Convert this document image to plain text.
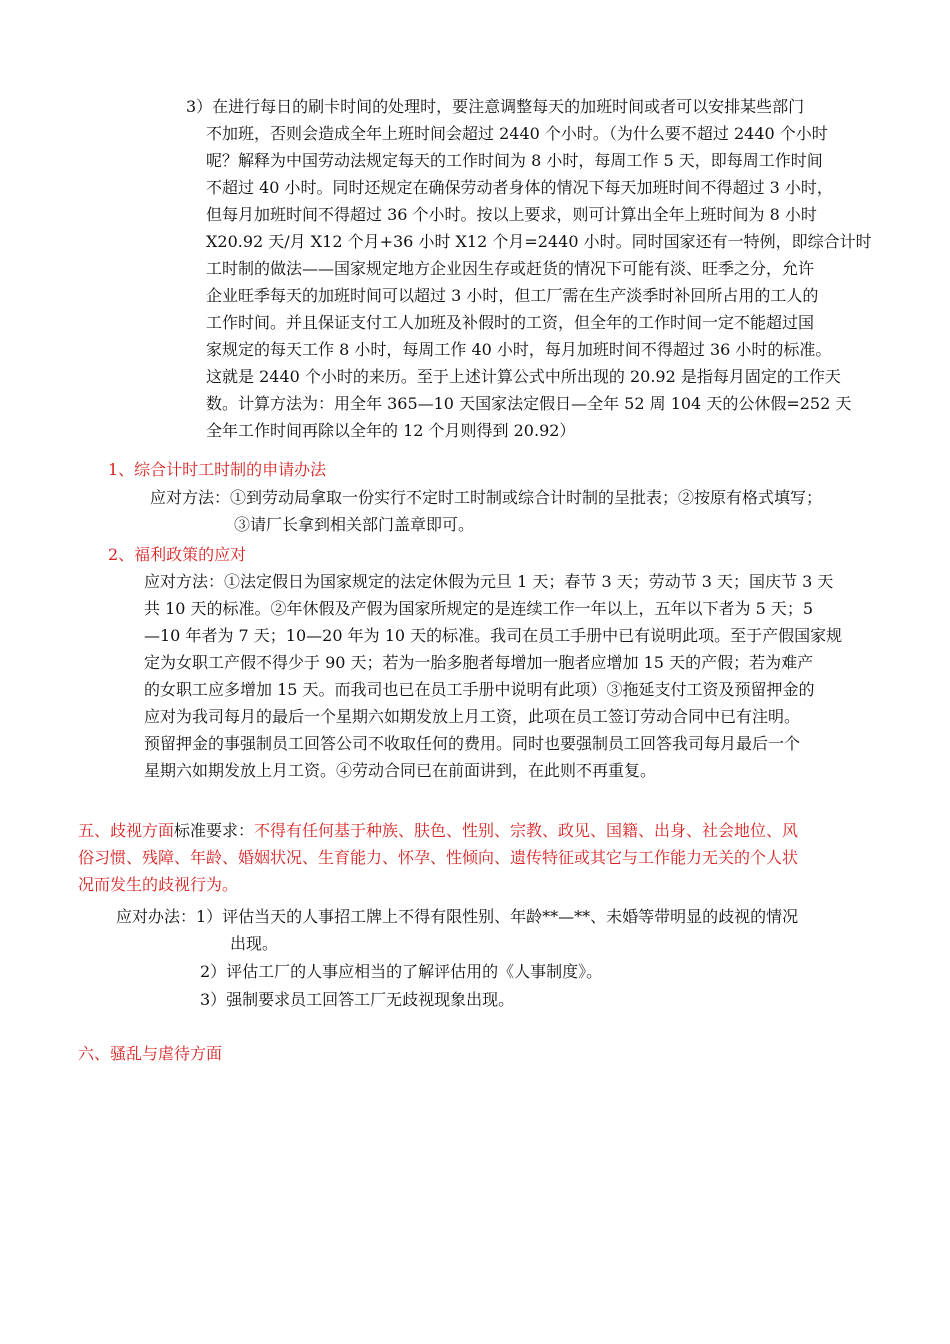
3）在进行每日的刷卡时间的处理时，要注意调整每天的加班时间或者可以安排某些部门
不加班，否则会造成全年上班时间会超过 2440 个小时。（为什么要不超过 2440 个小时
呢？解释为中国劳动法规定每天的工作时间为 8 小时，每周工作 5 天，即每周工作时间
不超过 40 小时。同时还规定在确保劳动者身体的情况下每天加班时间不得超过 3 小时，
但每月加班时间不得超过 36 个小时。按以上要求，则可计算出全年上班时间为 8 小时
X20.92 天/月 X12 个月+36 小时 X12 个月=2440 小时。同时国家还有一特例，即综合计时
工时制的做法——国家规定地方企业因生存或赶货的情况下可能有淡、旺季之分，允许
企业旺季每天的加班时间可以超过 3 小时，但工厂需在生产淡季时补回所占用的工人的
工作时间。并且保证支付工人加班及补假时的工资，但全年的工作时间一定不能超过国
家规定的每天工作 8 小时，每周工作 40 小时，每月加班时间不得超过 36 小时的标准。
这就是 2440 个小时的来历。至于上述计算公式中所出现的 20.92 是指每月固定的工作天
数。计算方法为：用全年 365—10 天国家法定假日—全年 52 周 104 天的公休假=252 天
全年工作时间再除以全年的 12 个月则得到 20.92）
1、综合计时工时制的申请办法
应对方法：①到劳动局拿取一份实行不定时工时制或综合计时制的呈批表；②按原有格式填写；
③请厂长拿到相关部门盖章即可。
2、福利政策的应对
应对方法：①法定假日为国家规定的法定休假为元旦 1 天；春节 3 天；劳动节 3 天；国庆节 3 天
共 10 天的标准。②年休假及产假为国家所规定的是连续工作一年以上，五年以下者为 5 天；5
—10 年者为 7 天；10—20 年为 10 天的标准。我司在员工手册中已有说明此项。至于产假国家规
定为女职工产假不得少于 90 天；若为一胎多胞者每增加一胞者应增加 15 天的产假；若为难产
的女职工应多增加 15 天。而我司也已在员工手册中说明有此项）③拖延支付工资及预留押金的
应对为我司每月的最后一个星期六如期发放上月工资，此项在员工签订劳动合同中已有注明。
预留押金的事强制员工回答公司不收取任何的费用。同时也要强制员工回答我司每月最后一个
星期六如期发放上月工资。④劳动合同已在前面讲到，在此则不再重复。
五、歧视方面标准要求：不得有任何基于种族、肤色、性别、宗教、政见、国籍、出身、社会地位、风
俗习惯、残障、年龄、婚姻状况、生育能力、怀孕、性倾向、遗传特征或其它与工作能力无关的个人状
况而发生的歧视行为。
应对办法：1）评估当天的人事招工牌上不得有限性别、年龄**—**、未婚等带明显的歧视的情况
出现。
2）评估工厂的人事应相当的了解评估用的《人事制度》。
3）强制要求员工回答工厂无歧视现象出现。
六、骚乱与虐待方面
